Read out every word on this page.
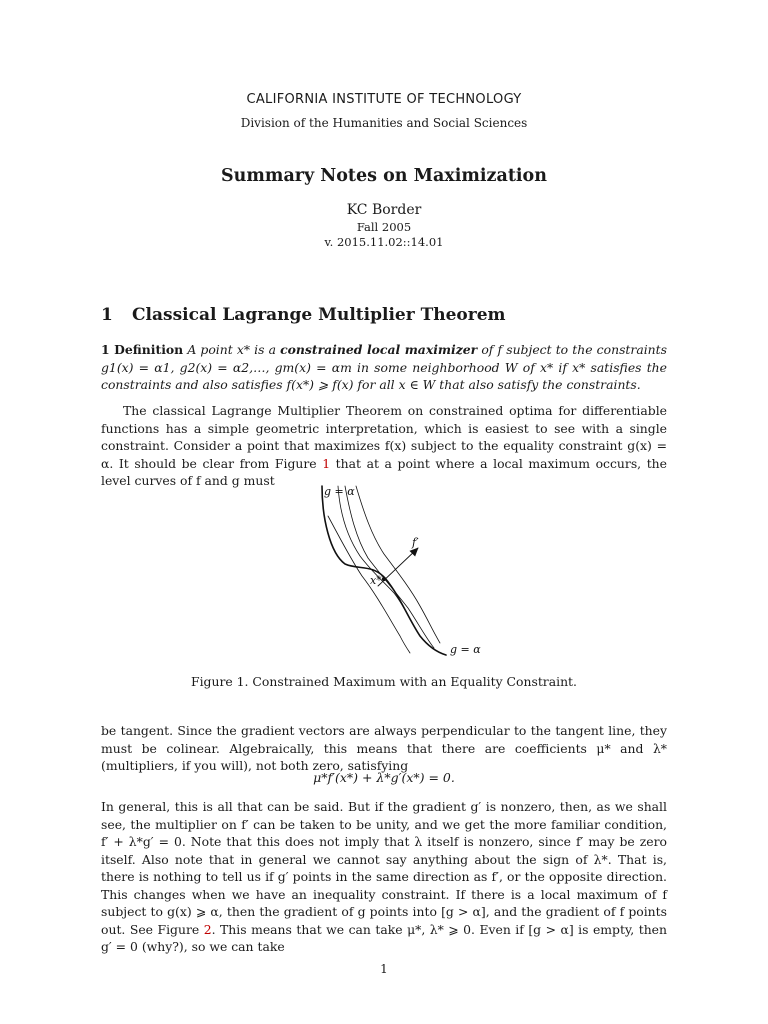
CALIFORNIA INSTITUTE OF TECHNOLOGY
Division of the Humanities and Social Sciences
Summary Notes on Maximization
KC Border
Fall 2005
v. 2015.11.02::14.01
1 Classical Lagrange Multiplier Theorem

1 Definition A point x* is a constrained local maximizer of f subject to the constraints g1(x) = α1, g2(x) = α2,…, gm(x) = αm in some neighborhood W of x* if x* satisfies the constraints and also satisfies f(x*) ⩾ f(x) for all x ∈ W that also satisfy the constraints.

The classical Lagrange Multiplier Theorem on constrained optima for differentiable functions has a simple geometric interpretation, which is easiest to see with a single constraint. Consider a point that maximizes f(x) subject to the equality constraint g(x) = α. It should be clear from Figure 1 that at a point where a local maximum occurs, the level curves of f and g must

g = α
f′
x*
g = α
Figure 1. Constrained Maximum with an Equality Constraint.

be tangent. Since the gradient vectors are always perpendicular to the tangent line, they must be colinear. Algebraically, this means that there are coefficients μ* and λ* (multipliers, if you will), not both zero, satisfying

μ*f′(x*) + λ*g′(x*) = 0.

In general, this is all that can be said. But if the gradient g′ is nonzero, then, as we shall see, the multiplier on f′ can be taken to be unity, and we get the more familiar condition, f′ + λ*g′ = 0. Note that this does not imply that λ itself is nonzero, since f′ may be zero itself. Also note that in general we cannot say anything about the sign of λ*. That is, there is nothing to tell us if g′ points in the same direction as f′, or the opposite direction. This changes when we have an inequality constraint. If there is a local maximum of f subject to g(x) ⩾ α, then the gradient of g points into [g > α], and the gradient of f points out. See Figure 2. This means that we can take μ*, λ* ⩾ 0. Even if [g > α] is empty, then g′ = 0 (why?), so we can take

1
